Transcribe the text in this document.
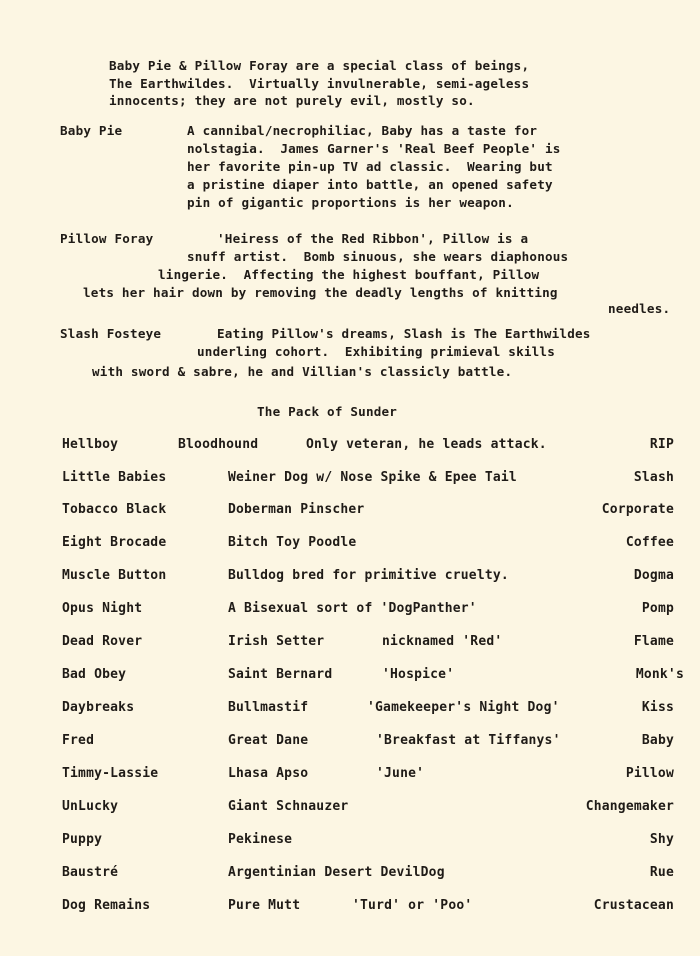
Baby Pie & Pillow Foray are a special class of beings,
The Earthwildes.  Virtually invulnerable, semi-ageless
innocents; they are not purely evil, mostly so.
Baby Pie	A cannibal/necrophiliac, Baby has a taste for
nolstagia.  James Garner's 'Real Beef People' is
her favorite pin-up TV ad classic.  Wearing but
a pristine diaper into battle, an opened safety
pin of gigantic proportions is her weapon.
Pillow Foray	'Heiress of the Red Ribbon', Pillow is a
snuff artist.  Bomb sinuous, she wears diaphonous
lingerie.  Affecting the highest bouffant, Pillow
lets her hair down by removing the deadly lengths of knitting
needles.
Slash Fosteye	Eating Pillow's dreams, Slash is The Earthwildes
underling cohort.  Exhibiting primieval skills
with sword & sabre, he and Villian's classicly battle.
The Pack of Sunder
Hellboy	Bloodhound	Only veteran, he leads attack.	RIP
Little Babies	Weiner Dog w/ Nose Spike & Epee Tail	Slash
Tobacco Black	Doberman Pinscher	Corporate
Eight Brocade	Bitch Toy Poodle	Coffee
Muscle Button	Bulldog bred for primitive cruelty.	Dogma
Opus Night	A Bisexual sort of 'DogPanther'	Pomp
Dead Rover	Irish Setter	nicknamed 'Red'	Flame
Bad Obey	Saint Bernard	'Hospice'	Monk's
Daybreaks	Bullmastif	'Gamekeeper's Night Dog'	Kiss
Fred	Great Dane	'Breakfast at Tiffanys'	Baby
Timmy-Lassie	Lhasa Apso	'June'	Pillow
UnLucky	Giant Schnauzer	Changemaker
Puppy	Pekinese	Shy
Baustré	Argentinian Desert DevilDog	Rue
Dog Remains	Pure Mutt	'Turd' or 'Poo'	Crustacean
